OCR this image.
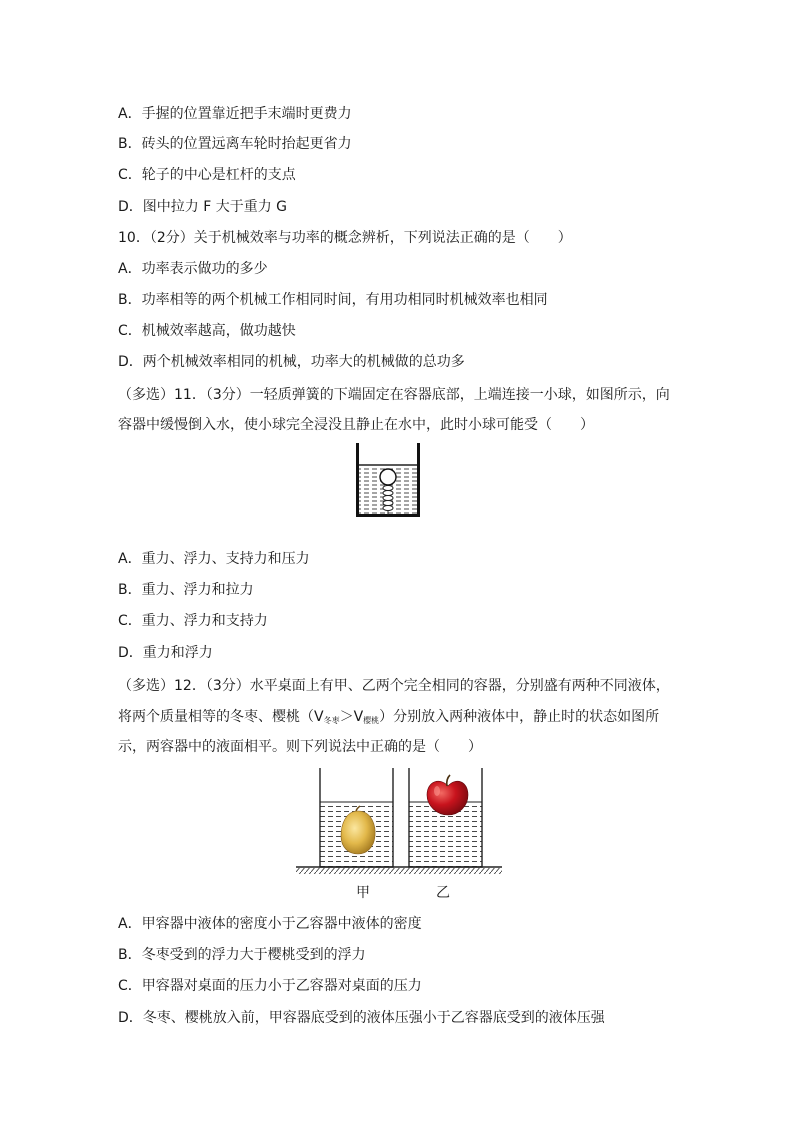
A．手握的位置靠近把手末端时更费力
B．砖头的位置远离车轮时抬起更省力
C．轮子的中心是杠杆的支点
D．图中拉力 F 大于重力 G
10．（2分）关于机械效率与功率的概念辨析，下列说法正确的是（　　）
A．功率表示做功的多少
B．功率相等的两个机械工作相同时间，有用功相同时机械效率也相同
C．机械效率越高，做功越快
D．两个机械效率相同的机械，功率大的机械做的总功多
（多选）11．（3分）一轻质弹簧的下端固定在容器底部，上端连接一小球，如图所示，向
容器中缓慢倒入水，使小球完全浸没且静止在水中，此时小球可能受（　　）
A．重力、浮力、支持力和压力
B．重力、浮力和拉力
C．重力、浮力和支持力
D．重力和浮力
（多选）12．（3分）水平桌面上有甲、乙两个完全相同的容器，分别盛有两种不同液体，
将两个质量相等的冬枣、樱桃$(V_{冬枣}>V_{樱桃})$分别放入两种液体中，静止时的状态如图所
示，两容器中的液面相平。则下列说法中正确的是（　　）
甲	乙
A．甲容器中液体的密度小于乙容器中液体的密度
B．冬枣受到的浮力大于樱桃受到的浮力
C．甲容器对桌面的压力小于乙容器对桌面的压力
D．冬枣、樱桃放入前，甲容器底受到的液体压强小于乙容器底受到的液体压强
